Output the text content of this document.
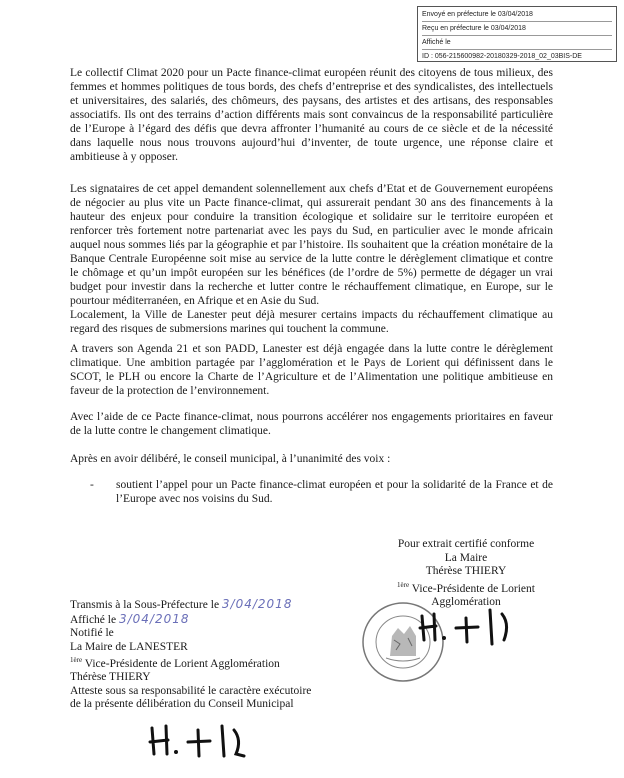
Envoyé en préfecture le 03/04/2018
Reçu en préfecture le 03/04/2018
Affiché le
ID : 056-215600982-20180329-2018_02_03BIS-DE

Le collectif Climat 2020 pour un Pacte finance-climat européen réunit des citoyens de tous milieux, des femmes et hommes politiques de tous bords, des chefs d’entreprise et des syndicalistes, des intellectuels et universitaires, des salariés, des chômeurs, des paysans, des artistes et des artisans, des responsables associatifs. Ils ont des terrains d’action différents mais sont convaincus de la responsabilité particulière de l’Europe à l’égard des défis que devra affronter l’humanité au cours de ce siècle et de la nécessité dans laquelle nous nous trouvons aujourd’hui d’inventer, de toute urgence, une réponse claire et ambitieuse à y opposer.

Les signataires de cet appel demandent solennellement aux chefs d’Etat et de Gouvernement européens de négocier au plus vite un Pacte finance-climat, qui assurerait pendant 30 ans des financements à la hauteur des enjeux pour conduire la transition écologique et solidaire sur le territoire européen et renforcer très fortement notre partenariat avec les pays du Sud, en particulier avec le monde africain auquel nous sommes liés par la géographie et par l’histoire. Ils souhaitent que la création monétaire de la Banque Centrale Européenne soit mise au service de la lutte contre le dérèglement climatique et contre le chômage et qu’un impôt européen sur les bénéfices (de l’ordre de 5%) permette de dégager un vrai budget pour investir dans la recherche et lutter contre le réchauffement climatique, en Europe, sur le pourtour méditerranéen, en Afrique et en Asie du Sud.

Localement, la Ville de Lanester peut déjà mesurer certains impacts du réchauffement climatique au regard des risques de submersions marines qui touchent la commune.

A travers son Agenda 21 et son PADD, Lanester est déjà engagée dans la lutte contre le dérèglement climatique. Une ambition partagée par l’agglomération et le Pays de Lorient qui définissent dans le SCOT, le PLH ou encore la Charte de l’Agriculture et de l’Alimentation une politique ambitieuse en faveur de la protection de l’environnement.

Avec l’aide de ce Pacte finance-climat, nous pourrons accélérer nos engagements prioritaires en faveur de la lutte contre le changement climatique.

Après en avoir délibéré, le conseil municipal, à l’unanimité des voix :

- soutient l’appel pour un Pacte finance-climat européen et pour la solidarité de la France et de l’Europe avec nos voisins du Sud.
Pour extrait certifié conforme
La Maire
Thérèse THIERY
$^{1ère}$ Vice-Présidente de Lorient
Agglomération
Transmis à la Sous-Préfecture le 3/04/2018
Affiché le 3/04/2018
Notifié le
La Maire de LANESTER
$^{1ère}$ Vice-Présidente de Lorient Agglomération
Thérèse THIERY
Atteste sous sa responsabilité le caractère exécutoire
de la présente délibération du Conseil Municipal
